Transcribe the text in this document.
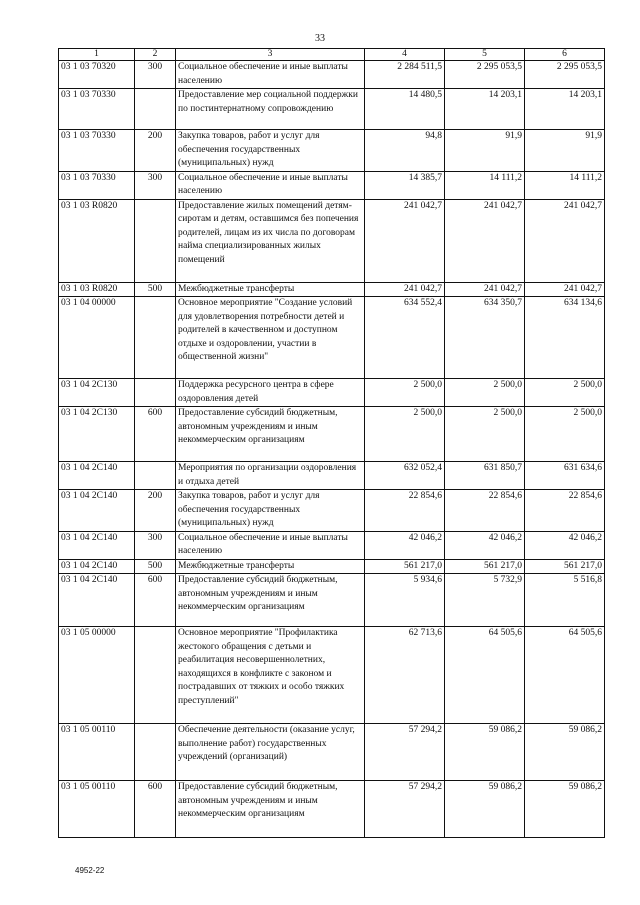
33
1	2	3	4	5	6
03 1 03 70320	300	Социальное обеспечение и иные выплаты населению	2 284 511,5	2 295 053,5	2 295 053,5
03 1 03 70330		Предоставление мер социальной поддержки по постинтернатному сопровождению	14 480,5	14 203,1	14 203,1
03 1 03 70330	200	Закупка товаров, работ и услуг для обеспечения государственных (муниципальных) нужд	94,8	91,9	91,9
03 1 03 70330	300	Социальное обеспечение и иные выплаты населению	14 385,7	14 111,2	14 111,2
03 1 03 R0820		Предоставление жилых помещений детям-сиротам и детям, оставшимся без попечения родителей, лицам из их числа по договорам найма специализированных жилых помещений	241 042,7	241 042,7	241 042,7
03 1 03 R0820	500	Межбюджетные трансферты	241 042,7	241 042,7	241 042,7
03 1 04 00000		Основное мероприятие "Создание условий для удовлетворения потребности детей и родителей в качественном и доступном отдыхе и оздоровлении, участии в общественной жизни"	634 552,4	634 350,7	634 134,6
03 1 04 2С130		Поддержка ресурсного центра в сфере оздоровления детей	2 500,0	2 500,0	2 500,0
03 1 04 2С130	600	Предоставление субсидий бюджетным, автономным учреждениям и иным некоммерческим организациям	2 500,0	2 500,0	2 500,0
03 1 04 2С140		Мероприятия по организации оздоровления и отдыха детей	632 052,4	631 850,7	631 634,6
03 1 04 2С140	200	Закупка товаров, работ и услуг для обеспечения государственных (муниципальных) нужд	22 854,6	22 854,6	22 854,6
03 1 04 2С140	300	Социальное обеспечение и иные выплаты населению	42 046,2	42 046,2	42 046,2
03 1 04 2С140	500	Межбюджетные трансферты	561 217,0	561 217,0	561 217,0
03 1 04 2С140	600	Предоставление субсидий бюджетным, автономным учреждениям и иным некоммерческим организациям	5 934,6	5 732,9	5 516,8
03 1 05 00000		Основное мероприятие "Профилактика жестокого обращения с детьми и реабилитация несовершеннолетних, находящихся в конфликте с законом и пострадавших от тяжких и особо тяжких преступлений"	62 713,6	64 505,6	64 505,6
03 1 05 00110		Обеспечение деятельности (оказание услуг, выполнение работ) государственных учреждений (организаций)	57 294,2	59 086,2	59 086,2
03 1 05 00110	600	Предоставление субсидий бюджетным, автономным учреждениям и иным некоммерческим организациям	57 294,2	59 086,2	59 086,2
4952-22
